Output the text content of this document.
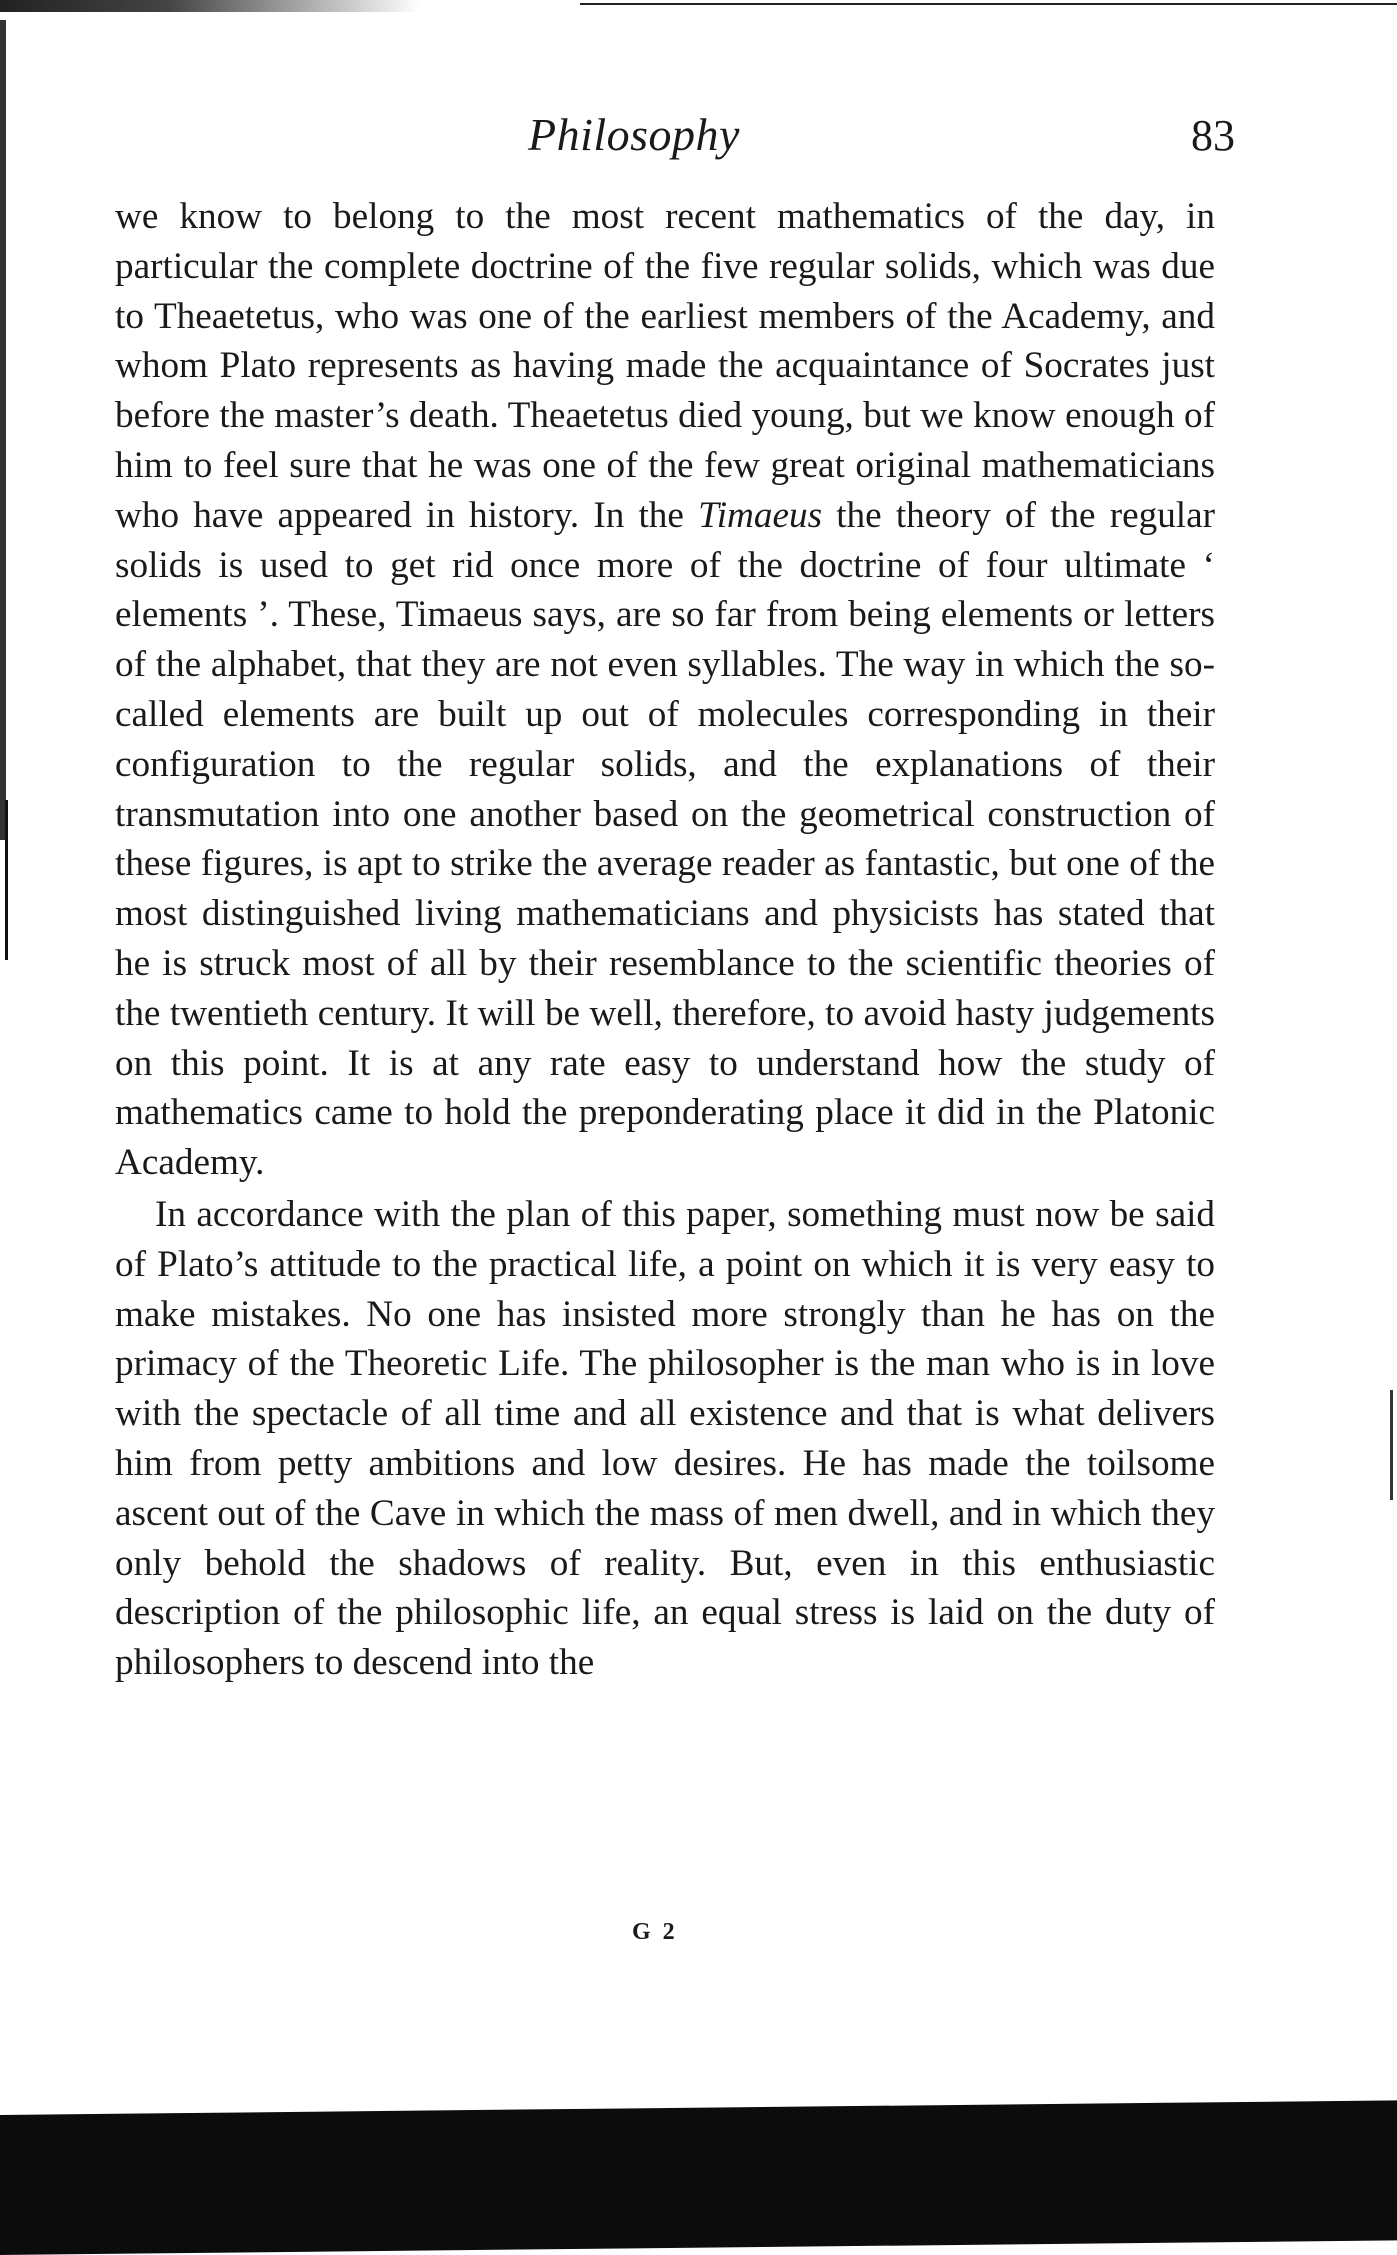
Philosophy	83

we know to belong to the most recent mathematics of the day, in particular the complete doctrine of the five regular solids, which was due to Theaetetus, who was one of the earliest members of the Academy, and whom Plato represents as having made the acquaintance of Socrates just before the master’s death. Theaetetus died young, but we know enough of him to feel sure that he was one of the few great original mathematicians who have appeared in history. In the Timaeus the theory of the regular solids is used to get rid once more of the doctrine of four ultimate ‘ elements ’. These, Timaeus says, are so far from being elements or letters of the alphabet, that they are not even syllables. The way in which the so-called elements are built up out of molecules corresponding in their configuration to the regular solids, and the explanations of their transmutation into one another based on the geometrical construction of these figures, is apt to strike the average reader as fantastic, but one of the most distinguished living mathematicians and physicists has stated that he is struck most of all by their resemblance to the scientific theories of the twentieth century. It will be well, therefore, to avoid hasty judgements on this point. It is at any rate easy to understand how the study of mathematics came to hold the preponderating place it did in the Platonic Academy.

In accordance with the plan of this paper, something must now be said of Plato’s attitude to the practical life, a point on which it is very easy to make mistakes. No one has insisted more strongly than he has on the primacy of the Theoretic Life. The philosopher is the man who is in love with the spectacle of all time and all existence and that is what delivers him from petty ambitions and low desires. He has made the toilsome ascent out of the Cave in which the mass of men dwell, and in which they only behold the shadows of reality. But, even in this enthusiastic description of the philosophic life, an equal stress is laid on the duty of philosophers to descend into the

G 2
